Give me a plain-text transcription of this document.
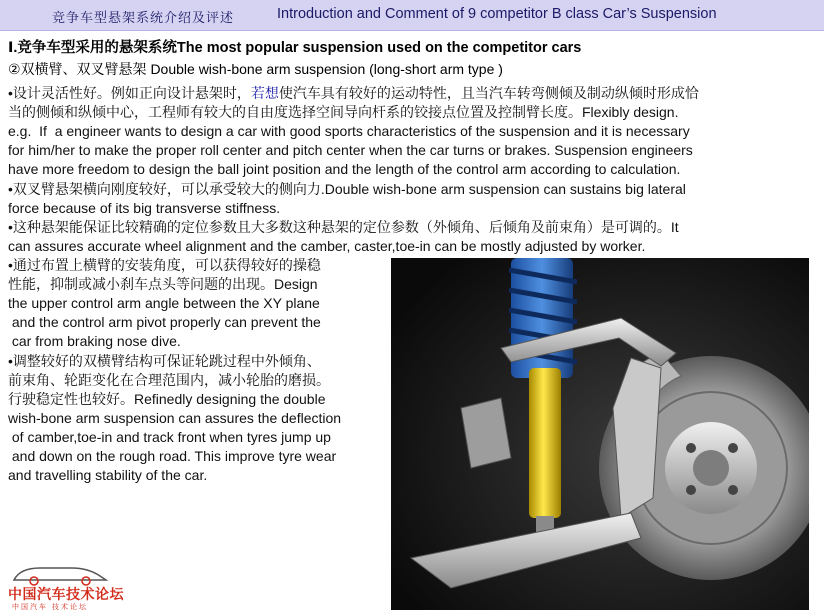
竞争车型悬架系统介绍及评述	Introduction and Comment of 9 competitor B class Car’s Suspension
Ⅰ.竞争车型采用的悬架系统The most popular suspension used on the competitor cars
②双横臂、双叉臂悬架 Double wish-bone arm suspension (long-short arm type )
•设计灵活性好。例如正向设计悬架时，若想使汽车具有较好的运动特性，且当汽车转弯侧倾及制动纵倾时形成恰
当的侧倾和纵倾中心，工程师有较大的自由度选择空间导向杆系的铰接点位置及控制臂长度。Flexibly design.
e.g.  If  a engineer wants to design a car with good sports characteristics of the suspension and it is necessary
for him/her to make the proper roll center and pitch center when the car turns or brakes. Suspension engineers
have more freedom to design the ball joint position and the length of the control arm according to calculation.
•双叉臂悬架横向刚度较好，可以承受较大的侧向力.Double wish-bone arm suspension can sustains big lateral
force because of its big transverse stiffness.
•这种悬架能保证比较精确的定位参数且大多数这种悬架的定位参数（外倾角、后倾角及前束角）是可调的。It
can assures accurate wheel alignment and the camber, caster,toe-in can be mostly adjusted by worker.
•通过布置上横臂的安装角度，可以获得较好的操稳
性能，抑制或减小刹车点头等问题的出现。Design
the upper control arm angle between the XY plane
and the control arm pivot properly can prevent the
car from braking nose dive.
•调整较好的双横臂结构可保证轮跳过程中外倾角、
前束角、轮距变化在合理范围内，减小轮胎的磨损。
行驶稳定性也较好。Refinedly designing the double
wish-bone arm suspension can assures the deflection
of camber,toe-in and track front when tyres jump up
and down on the rough road. This improve tyre wear
and travelling stability of the car.
中国汽车技术论坛
中国汽车 技术论坛
